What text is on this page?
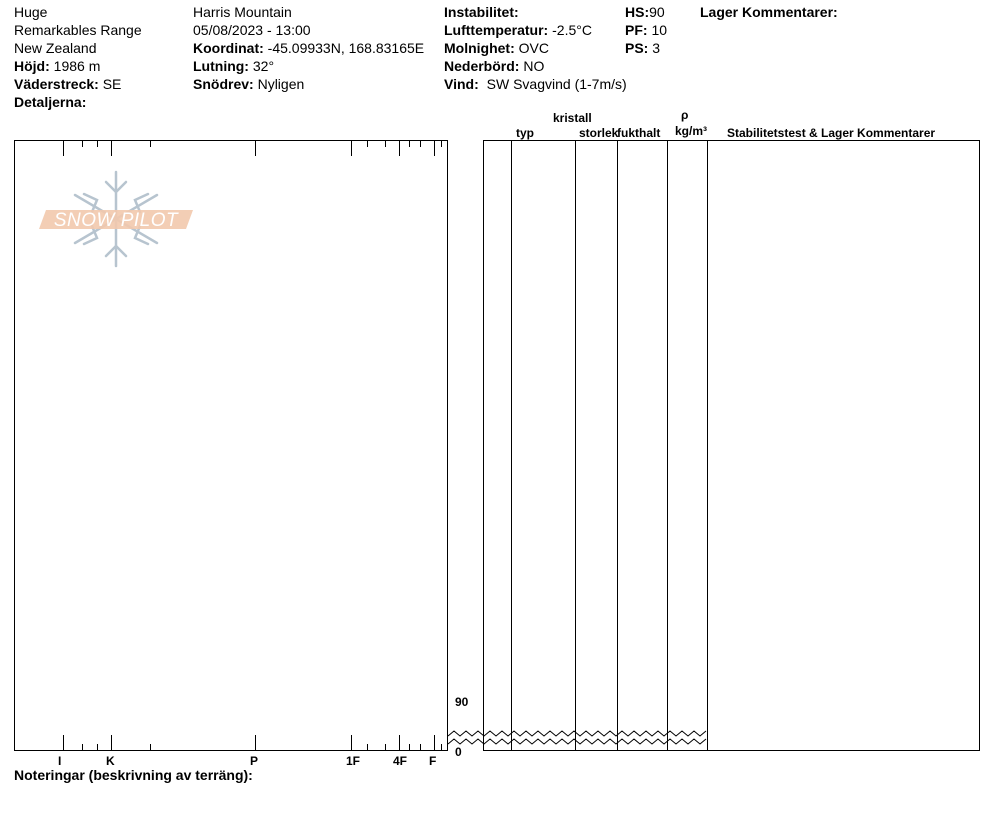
Huge
Remarkables Range
New Zealand
Höjd: 1986 m
Väderstreck: SE
Detaljerna:
Harris Mountain
05/08/2023 - 13:00
Koordinat: -45.09933N, 168.83165E
Lutning: 32°
Snödrev: Nyligen
Instabilitet:
Lufttemperatur: -2.5°C
Molnighet: OVC
Nederbörd: NO
Vind: SW Svagvind (1-7m/s)
HS:90
PF: 10
PS: 3
Lager Kommentarer:
kristall
typ	storlek
fukthalt
ρ
kg/m³ Stabilitetstest & Lager Kommentarer
SNOW PILOT
90
0
I	K	P	1F	4F F
Noteringar (beskrivning av terräng):
